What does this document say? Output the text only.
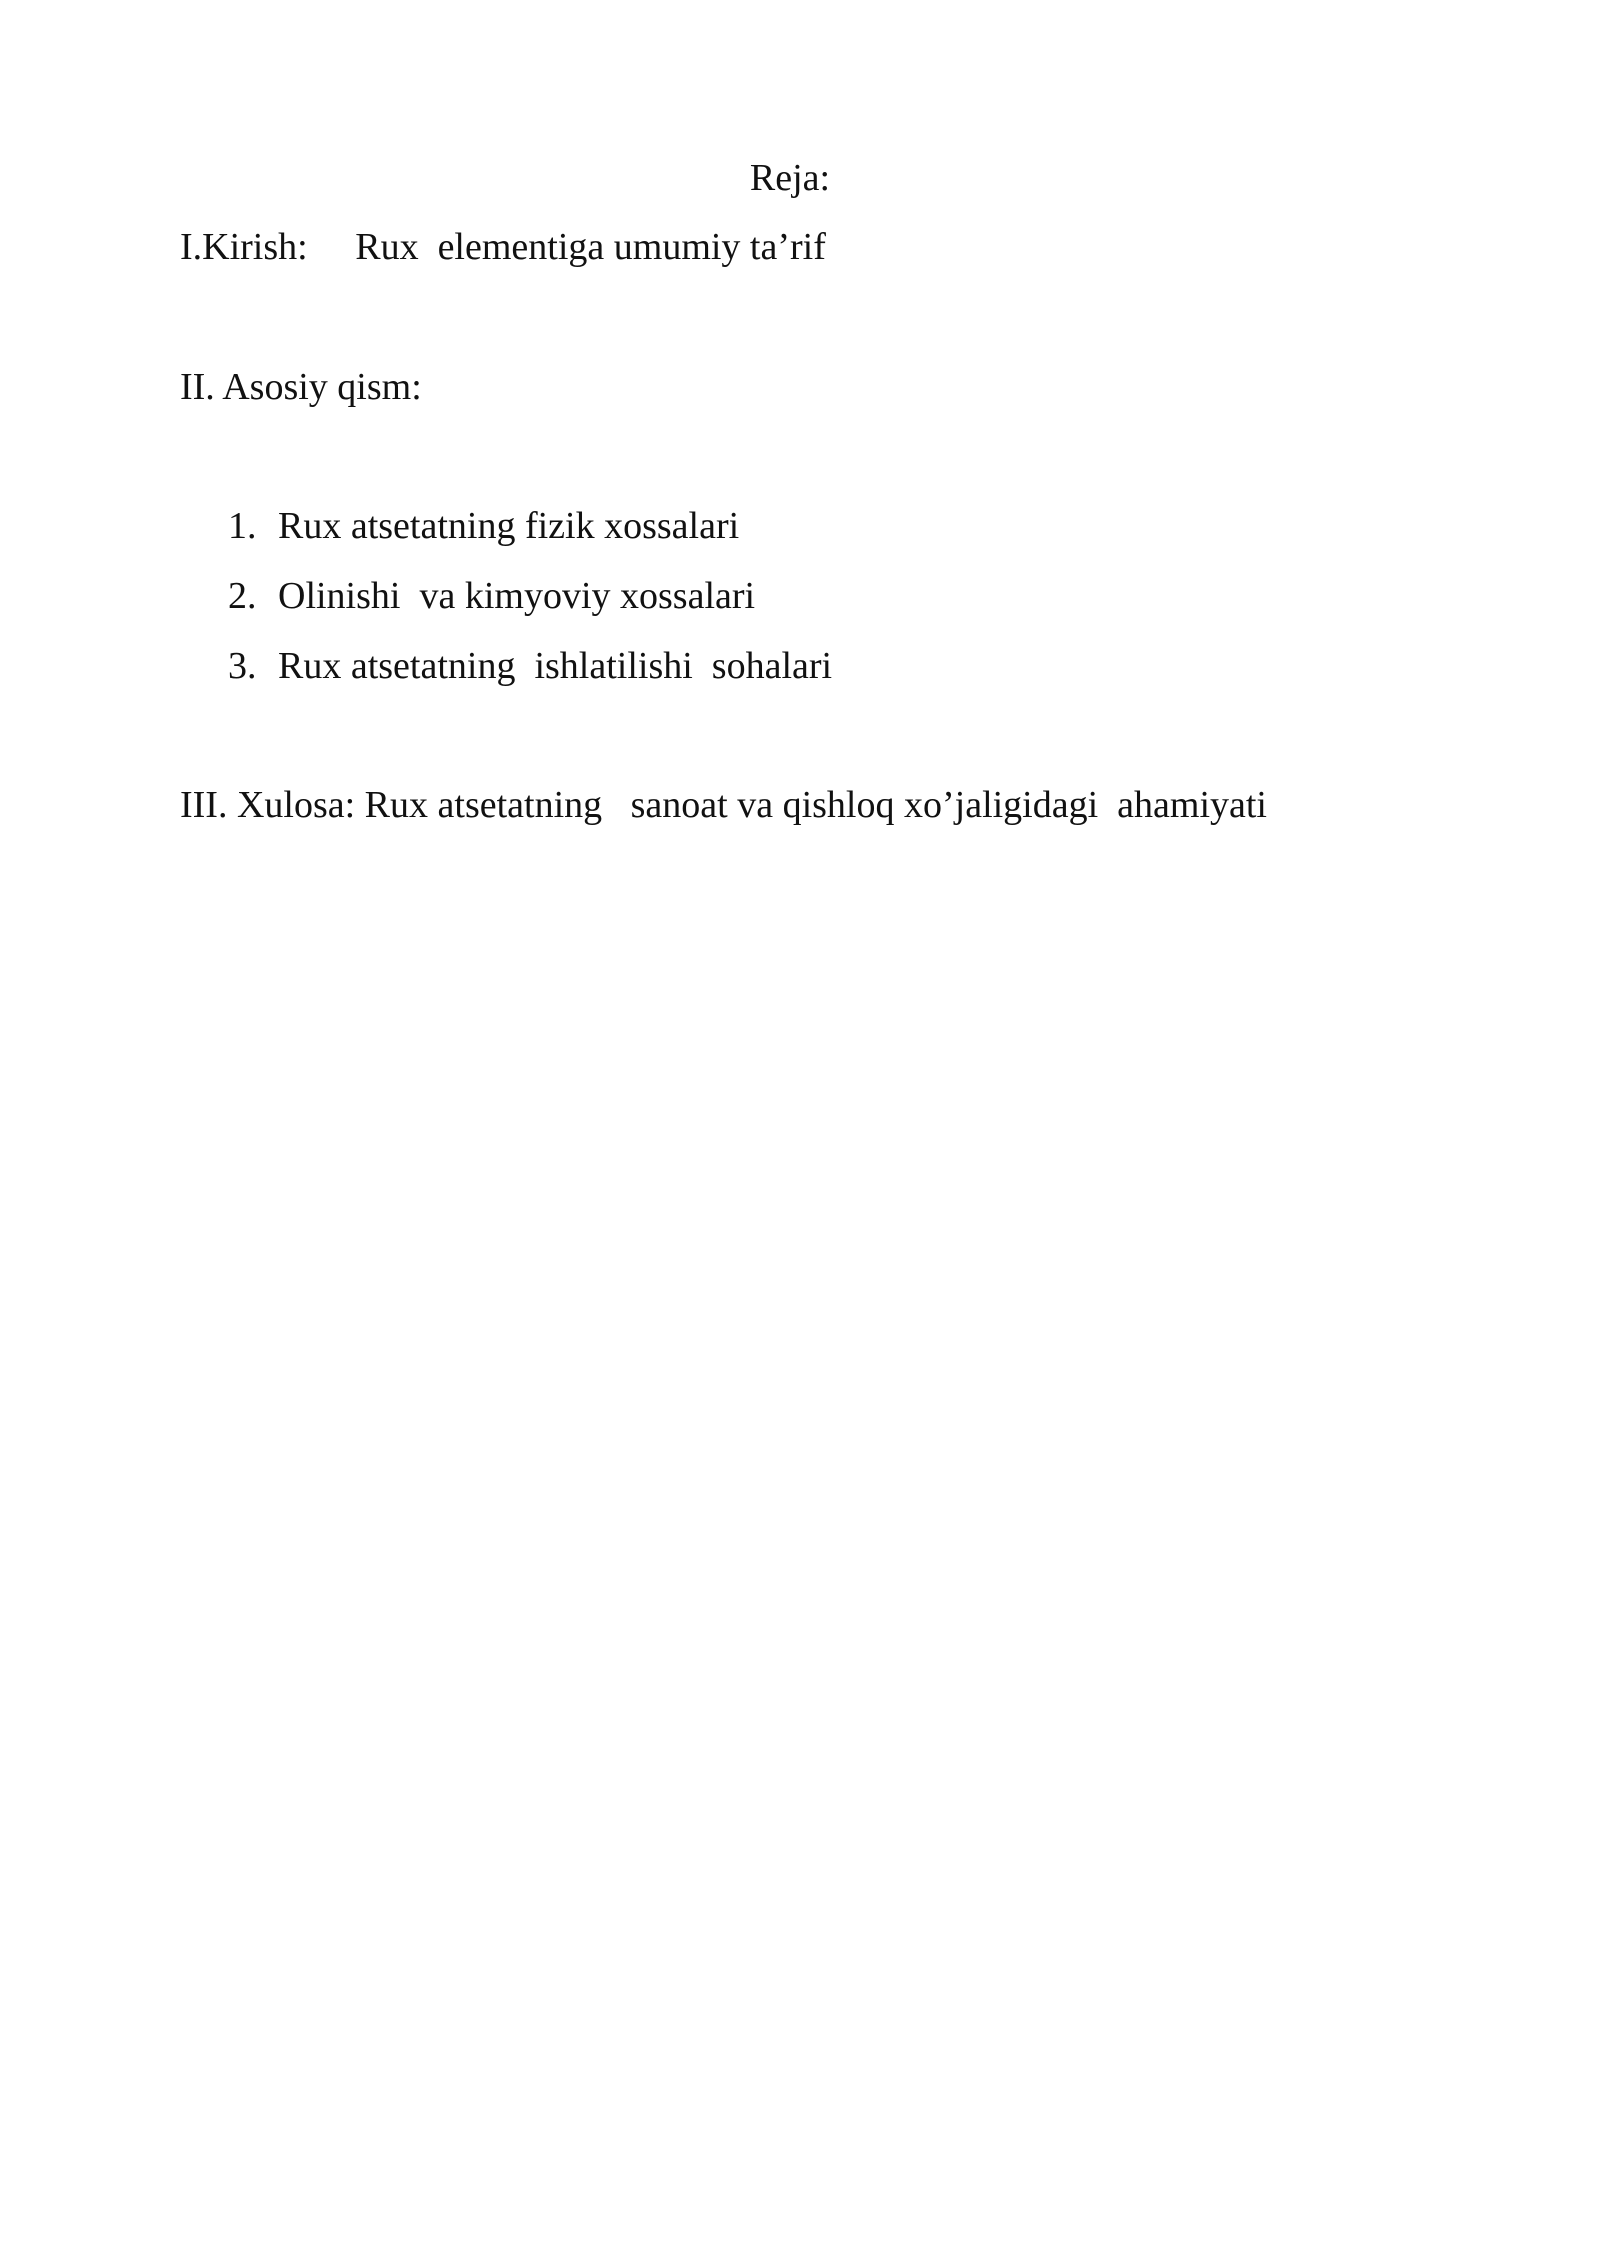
Reja:

I.Kirish: Rux  elementiga umumiy ta’rif

II. Asosiy qism:

1. Rux atsetatning fizik xossalari

2. Olinishi  va kimyoviy xossalari

3. Rux atsetatning  ishlatilishi  sohalari

III. Xulosa: Rux atsetatning   sanoat va qishloq xo’jaligidagi  ahamiyati
